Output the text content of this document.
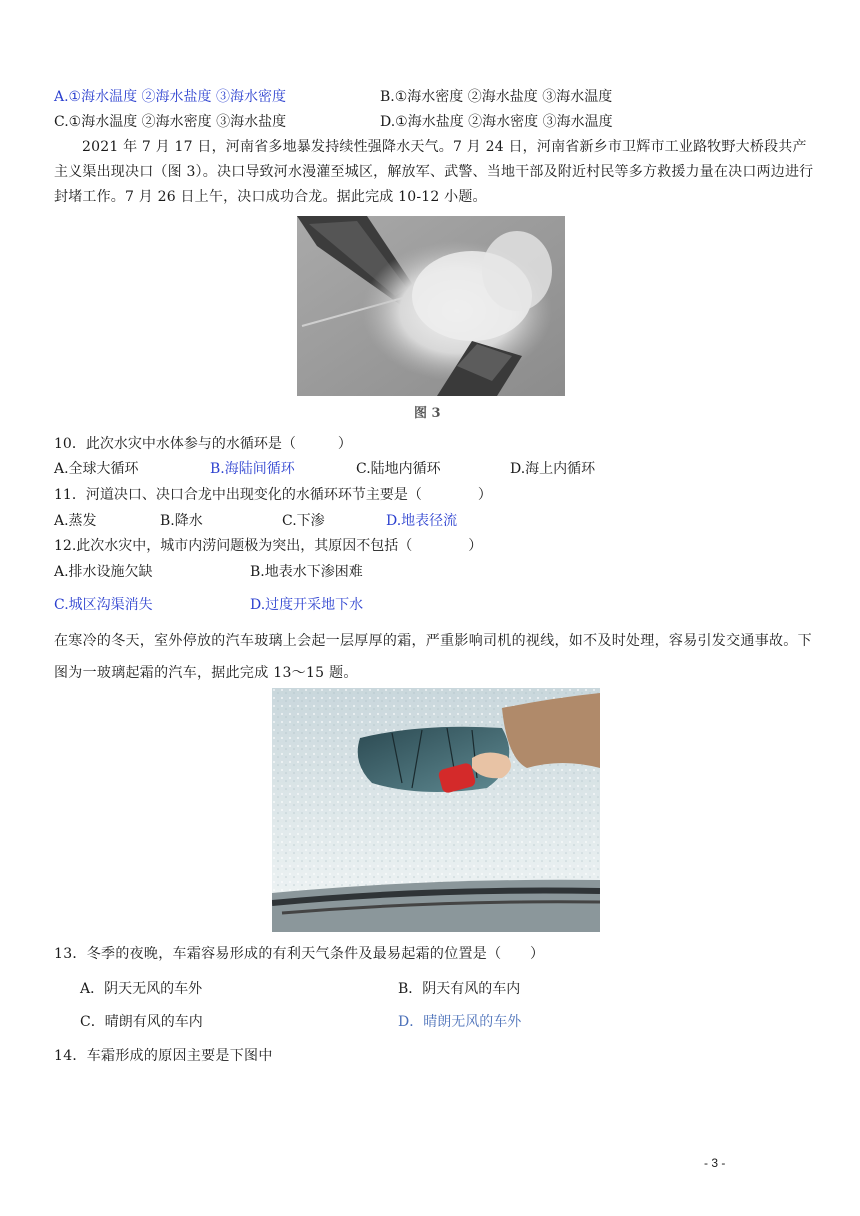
A.①海水温度 ②海水盐度 ③海水密度	B.①海水密度 ②海水盐度 ③海水温度
C.①海水温度 ②海水密度 ③海水盐度	D.①海水盐度 ②海水密度 ③海水温度
2021 年 7 月 17 日，河南省多地暴发持续性强降水天气。7 月 24 日，河南省新乡市卫辉市工业路牧野大桥段共产主义渠出现决口（图 3）。决口导致河水漫灌至城区，解放军、武警、当地干部及附近村民等多方救援力量在决口两边进行封堵工作。7 月 26 日上午，决口成功合龙。据此完成 10-12 小题。
图 3
10．此次水灾中水体参与的水循环是（　　　）
A.全球大循环	B.海陆间循环	C.陆地内循环	D.海上内循环
11．河道决口、决口合龙中出现变化的水循环环节主要是（　　　　）
A.蒸发	B.降水	C.下渗	D.地表径流
12.此次水灾中，城市内涝问题极为突出，其原因不包括（　　　　）
A.排水设施欠缺	B.地表水下渗困难
C.城区沟渠消失	D.过度开采地下水
在寒冷的冬天，室外停放的汽车玻璃上会起一层厚厚的霜，严重影响司机的视线，如不及时处理，容易引发交通事故。下图为一玻璃起霜的汽车，据此完成 13～15 题。
13．冬季的夜晚，车霜容易形成的有利天气条件及最易起霜的位置是（　　）
A．阴天无风的车外	B．阴天有风的车内
C．晴朗有风的车内	D．晴朗无风的车外
14．车霜形成的原因主要是下图中
- 3 -
